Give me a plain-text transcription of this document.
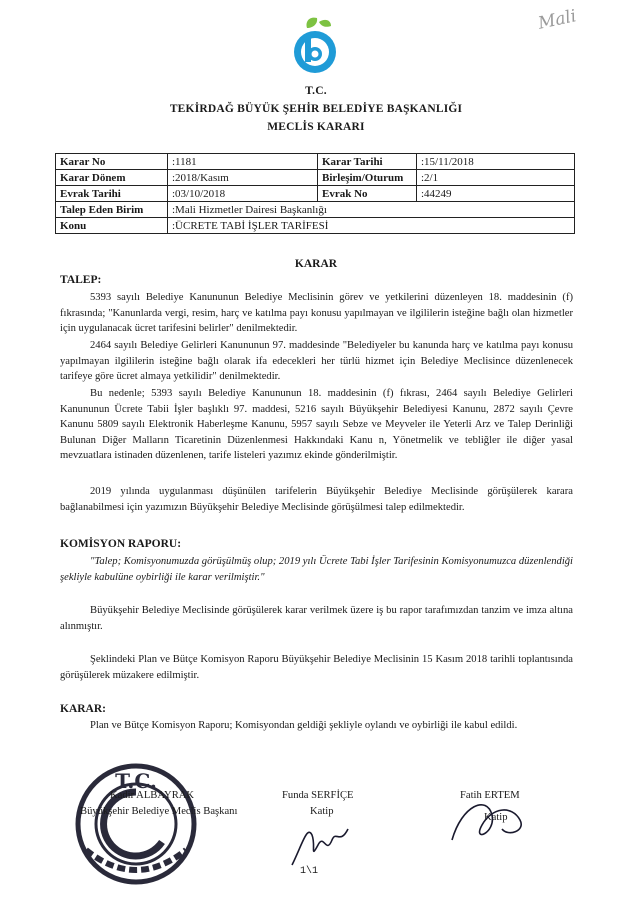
Mali
T.C.
TEKİRDAĞ BÜYÜK ŞEHİR BELEDİYE BAŞKANLIĞI
MECLİS KARARI
Karar No	:1181	Karar Tarihi	:15/11/2018
Karar Dönem	:2018/Kasım	Birleşim/Oturum	:2/1
Evrak Tarihi	:03/10/2018	Evrak No	:44249
Talep Eden Birim	:Mali Hizmetler Dairesi Başkanlığı		
Konu	:ÜCRETE TABİ İŞLER TARİFESİ		
KARAR
TALEP:
5393 sayılı Belediye Kanununun Belediye Meclisinin görev ve yetkilerini düzenleyen 18. maddesinin (f) fıkrasında; "Kanunlarda vergi, resim, harç ve katılma payı konusu yapılmayan ve ilgililerin isteğine bağlı olan hizmetler için uygulanacak ücret tarifesini belirler" denilmektedir.
2464 sayılı Belediye Gelirleri Kanununun 97. maddesinde "Belediyeler bu kanunda harç ve katılma payı konusu yapılmayan ilgililerin isteğine bağlı olarak ifa edecekleri her türlü hizmet için Belediye Meclisince düzenlenecek tarifeye göre ücret almaya yetkilidir" denilmektedir.
Bu nedenle; 5393 sayılı Belediye Kanununun 18. maddesinin (f) fıkrası, 2464 sayılı Belediye Gelirleri Kanununun Ücrete Tabii İşler başlıklı 97. maddesi, 5216 sayılı Büyükşehir Belediyesi Kanunu, 2872 sayılı Çevre Kanunu 5809 sayılı Elektronik Haberleşme Kanunu, 5957 sayılı Sebze ve Meyveler ile Yeterli Arz ve Talep Derinliği Bulunan Diğer Malların Ticaretinin Düzenlenmesi Hakkındaki Kanu n, Yönetmelik ve tebliğler ile diğer yasal mevzuatlara istinaden düzenlenen, tarife listeleri yazımız ekinde gönderilmiştir.
2019 yılında uygulanması düşünülen tarifelerin Büyükşehir Belediye Meclisinde görüşülerek karara bağlanabilmesi için yazımızın Büyükşehir Belediye Meclisinde görüşülmesi talep edilmektedir.
KOMİSYON RAPORU:
"Talep; Komisyonumuzda görüşülmüş olup; 2019 yılı Ücrete Tabi İşler Tarifesinin Komisyonumuzca düzenlendiği şekliyle kabulüne oybirliği ile karar verilmiştir."
Büyükşehir Belediye Meclisinde görüşülerek karar verilmek üzere iş bu rapor tarafımızdan tanzim ve imza altına alınmıştır.
Şeklindeki Plan ve Bütçe Komisyon Raporu Büyükşehir Belediye Meclisinin 15 Kasım 2018 tarihli toplantısında görüşülerek müzakere edilmiştir.
KARAR:
Plan ve Bütçe Komisyon Raporu; Komisyondan geldiği şekliyle oylandı ve oybirliği ile kabul edildi.
T.C.
Kadir ALBAYRAK
Büyükşehir Belediye Meclis Başkanı
Funda SERFİÇE
Katip
Fatih ERTEM
Katip
1\1
